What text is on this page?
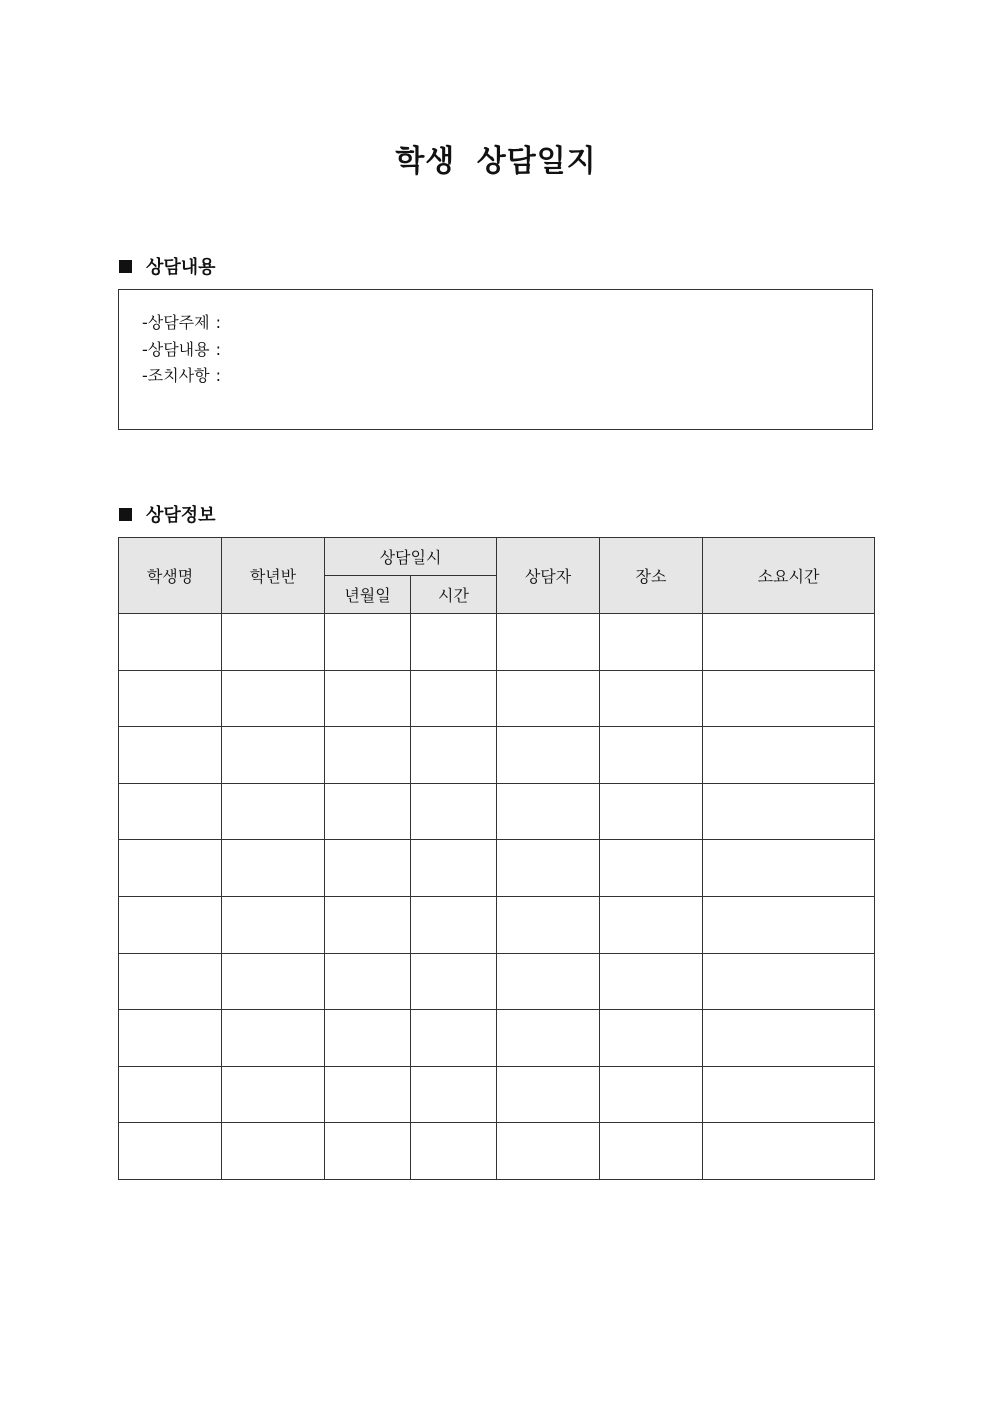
학생 상담일지
상담내용
-상담주제 :
-상담내용 :
-조치사항 :
상담정보
학생명	학년반	상담일시		상담자	장소	소요시간
		년월일	시간			
